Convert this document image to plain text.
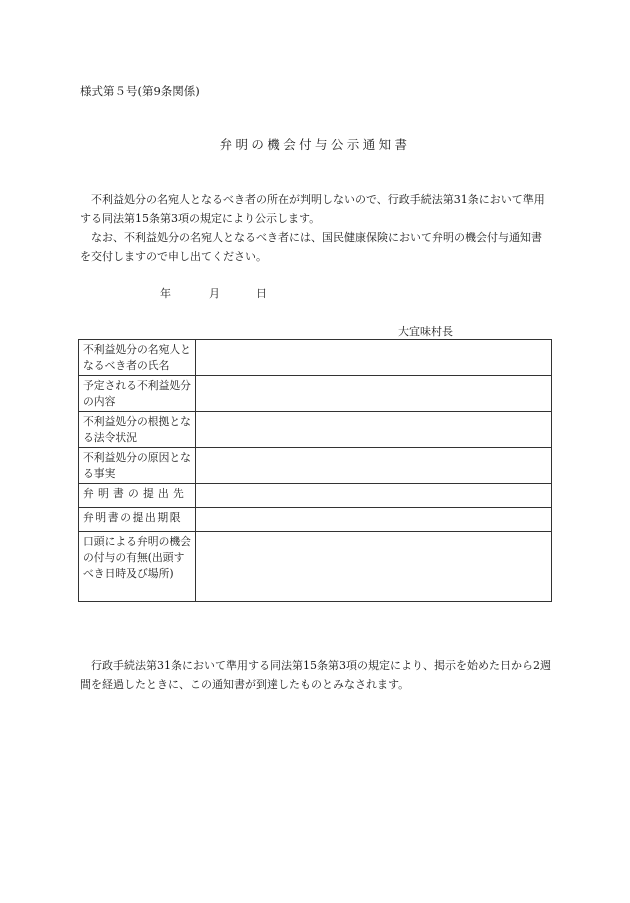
様式第５号(第9条関係)
弁明の機会付与公示通知書

不利益処分の名宛人となるべき者の所在が判明しないので、行政手続法第31条において準用する同法第15条第3項の規定により公示します。

なお、不利益処分の名宛人となるべき者には、国民健康保険において弁明の機会付与通知書を交付しますので申し出てください。

年	月	日
大宜味村長
不利益処分の名宛人となるべき者の氏名	
予定される不利益処分の内容	
不利益処分の根拠となる法令状況	
不利益処分の原因となる事実	
弁明書の提出先	
弁明書の提出期限	
口頭による弁明の機会の付与の有無(出頭すべき日時及び場所)	

行政手続法第31条において準用する同法第15条第3項の規定により、掲示を始めた日から2週間を経過したときに、この通知書が到達したものとみなされます。
